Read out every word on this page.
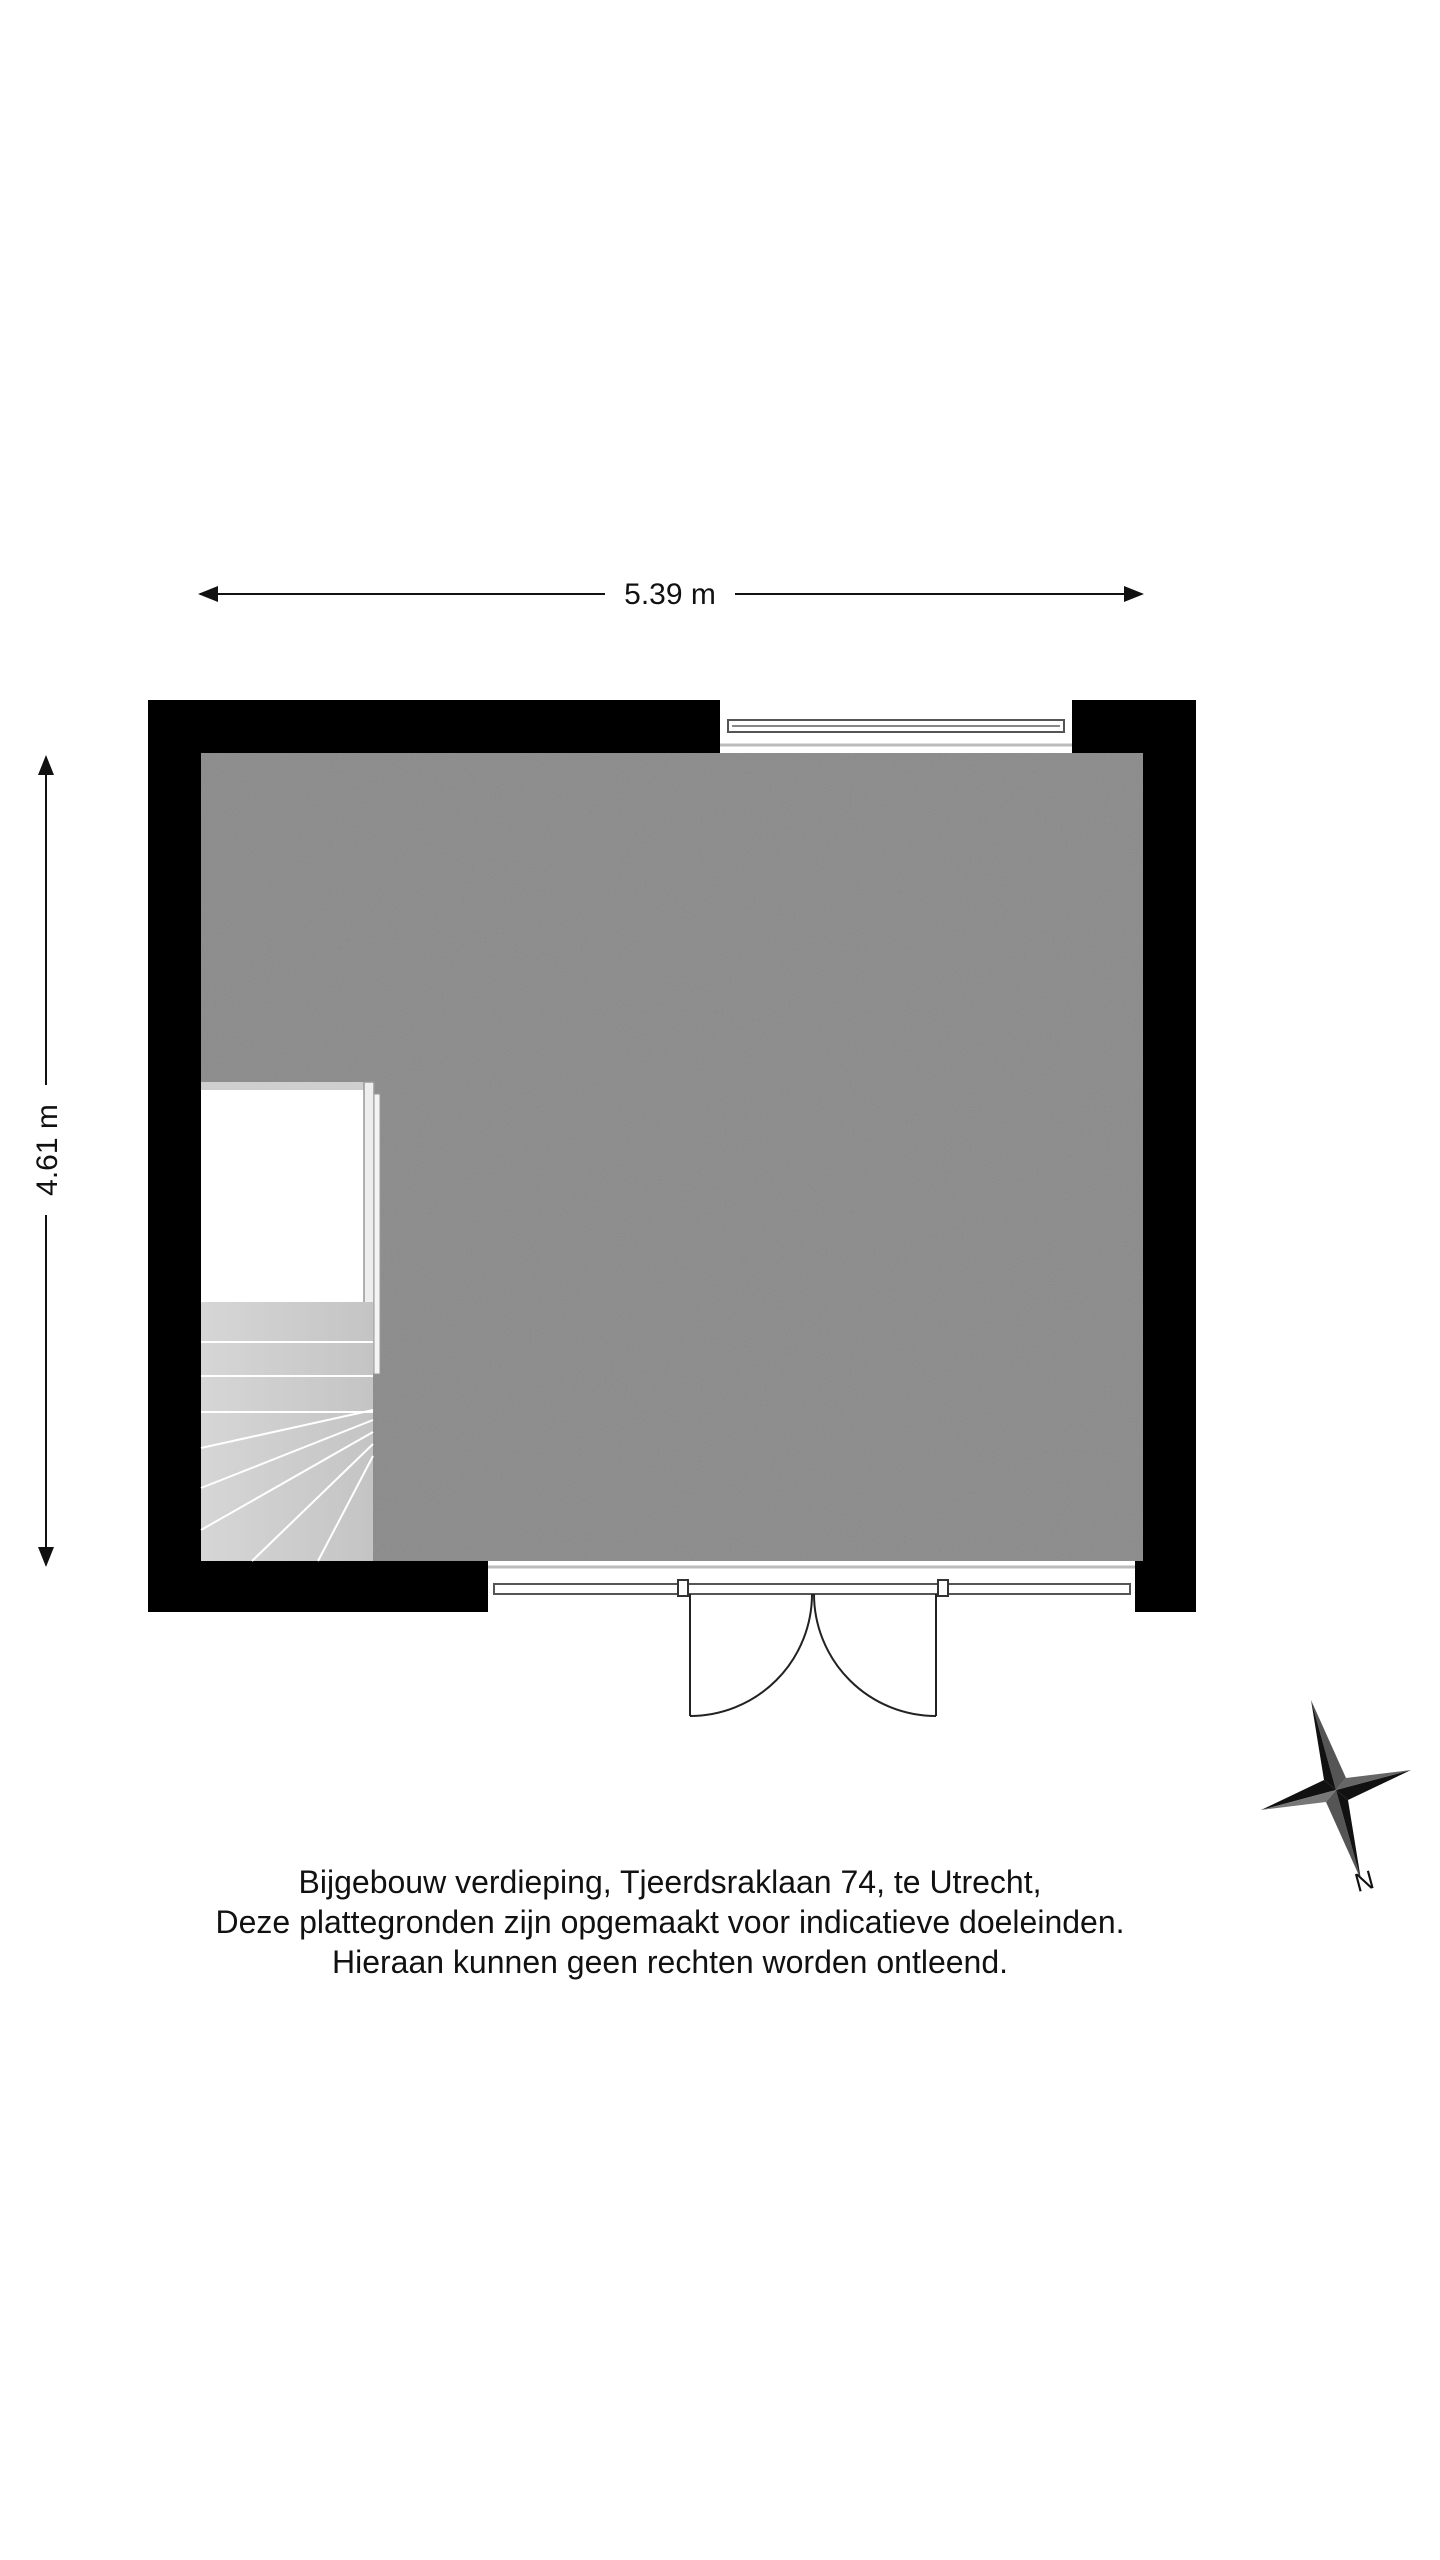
5.39 m
4.61 m
N
Bijgebouw verdieping, Tjeerdsraklaan 74, te Utrecht,
Deze plattegronden zijn opgemaakt voor indicatieve doeleinden.
Hieraan kunnen geen rechten worden ontleend.
